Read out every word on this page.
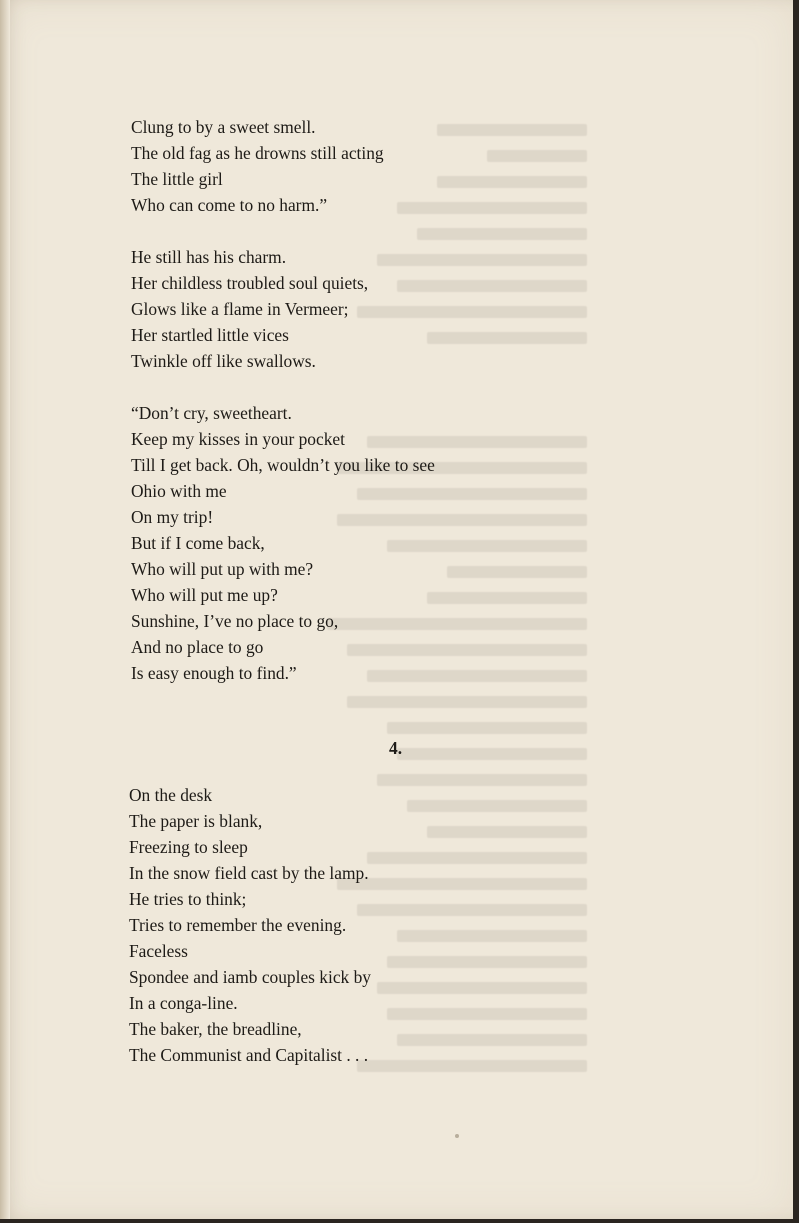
Clung to by a sweet smell.
The old fag as he drowns still acting
The little girl
Who can come to no harm.”
He still has his charm.
Her childless troubled soul quiets,
Glows like a flame in Vermeer;
Her startled little vices
Twinkle off like swallows.
“Don’t cry, sweetheart.
Keep my kisses in your pocket
Till I get back. Oh, wouldn’t you like to see
Ohio with me
On my trip!
But if I come back,
Who will put up with me?
Who will put me up?
Sunshine, I’ve no place to go,
And no place to go
Is easy enough to find.”
4.
On the desk
The paper is blank,
Freezing to sleep
In the snow field cast by the lamp.
He tries to think;
Tries to remember the evening.
Faceless
Spondee and iamb couples kick by
In a conga-line.
The baker, the breadline,
The Communist and Capitalist . . .
